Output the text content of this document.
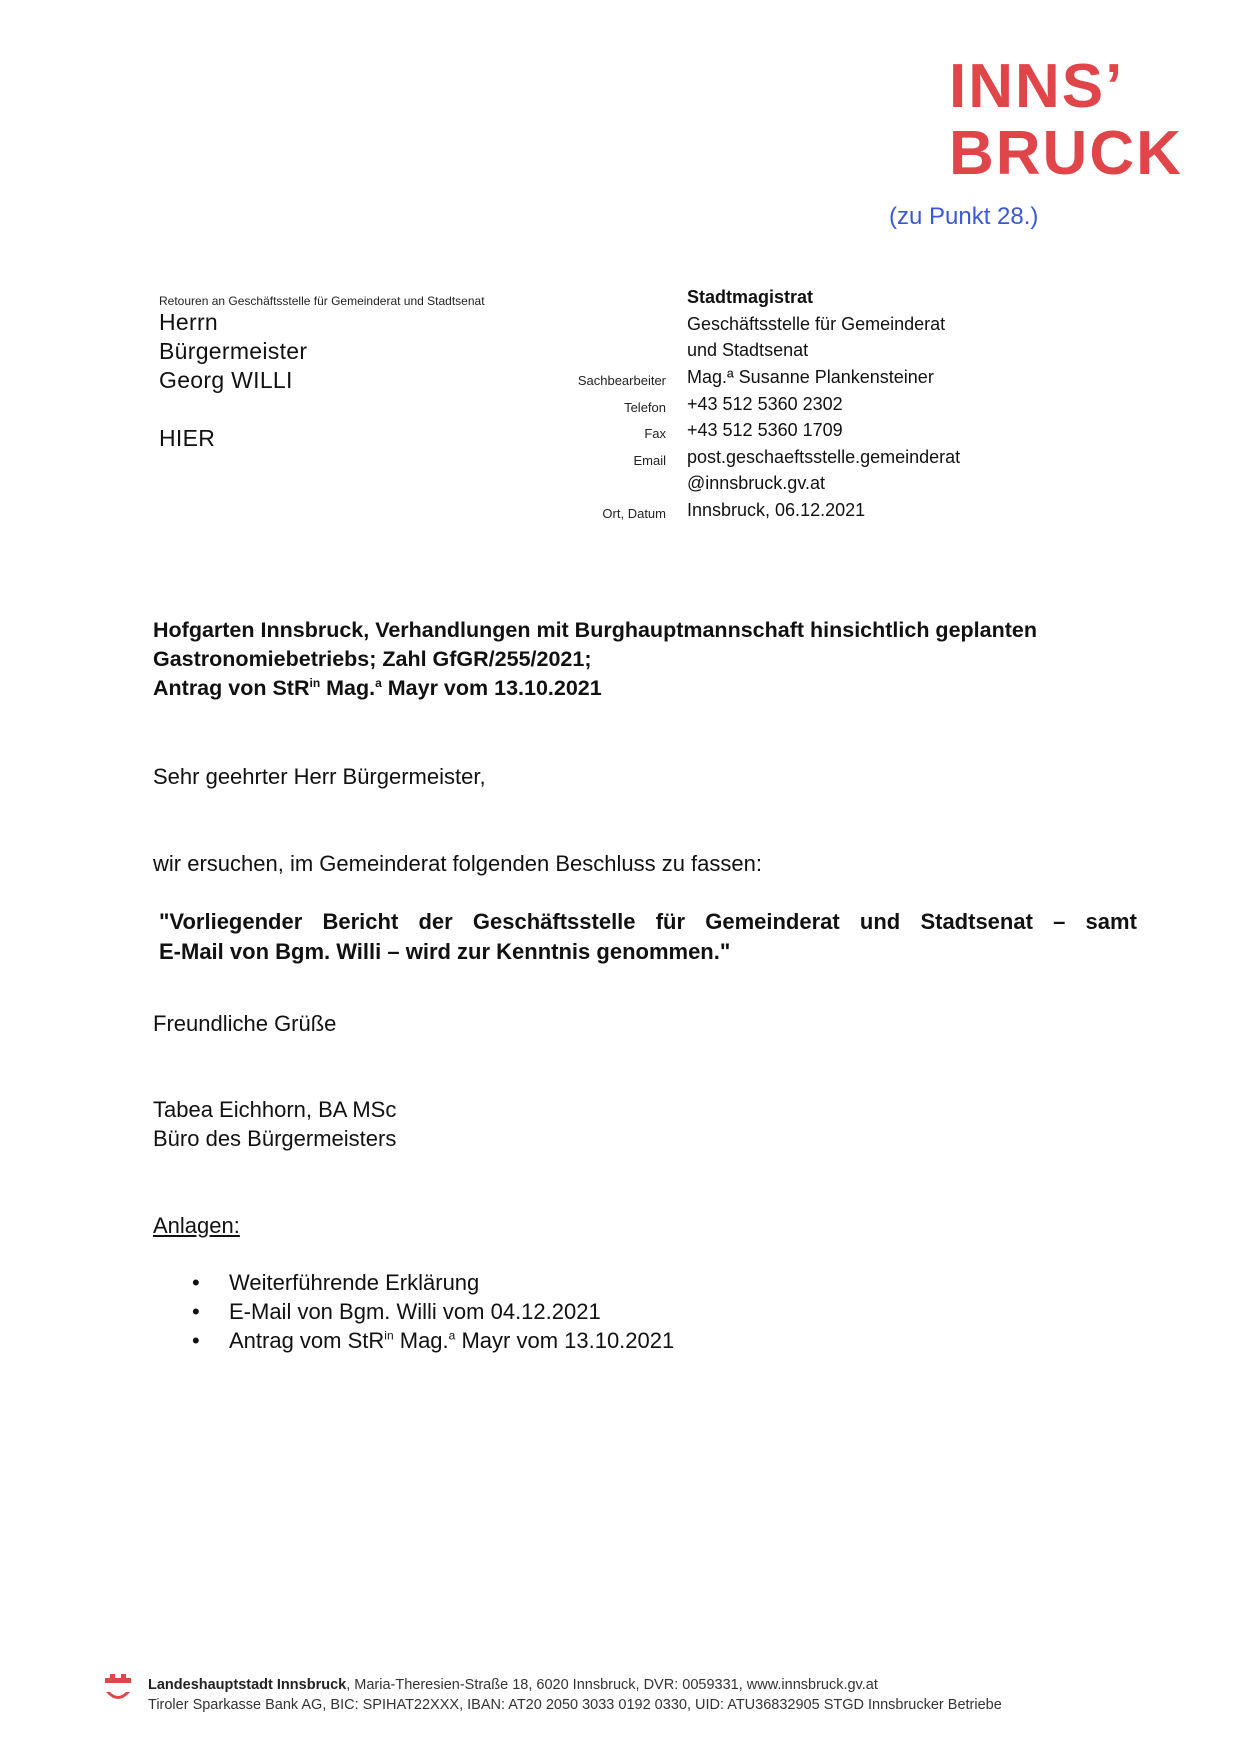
INNS’
BRUCK
(zu Punkt 28.)
Retouren an Geschäftsstelle für Gemeinderat und Stadtsenat
Herrn
Bürgermeister
Georg WILLI
HIER
Stadtmagistrat
Geschäftsstelle für Gemeinderat
und Stadtsenat
Sachbearbeiter Mag.ª Susanne Plankensteiner
Telefon +43 512 5360 2302
Fax +43 512 5360 1709
Email post.geschaeftsstelle.gemeinderat
@innsbruck.gv.at
Ort, Datum Innsbruck, 06.12.2021
Hofgarten Innsbruck, Verhandlungen mit Burghauptmannschaft hinsichtlich geplanten
Gastronomiebetriebs; Zahl GfGR/255/2021;
Antrag von StR$^{in}$ Mag.$^a$ Mayr vom 13.10.2021
Sehr geehrter Herr Bürgermeister,
wir ersuchen, im Gemeinderat folgenden Beschluss zu fassen:
"Vorliegender Bericht der Geschäftsstelle für Gemeinderat und Stadtsenat – samt
E-Mail von Bgm. Willi – wird zur Kenntnis genommen."
Freundliche Grüße
Tabea Eichhorn, BA MSc
Büro des Bürgermeisters
Anlagen:
• Weiterführende Erklärung
• E-Mail von Bgm. Willi vom 04.12.2021
• Antrag vom StR$^{in}$ Mag.$^a$ Mayr vom 13.10.2021
Landeshauptstadt Innsbruck, Maria-Theresien-Straße 18, 6020 Innsbruck, DVR: 0059331, www.innsbruck.gv.at
Tiroler Sparkasse Bank AG, BIC: SPIHAT22XXX, IBAN: AT20 2050 3033 0192 0330, UID: ATU36832905 STGD Innsbrucker Betriebe
